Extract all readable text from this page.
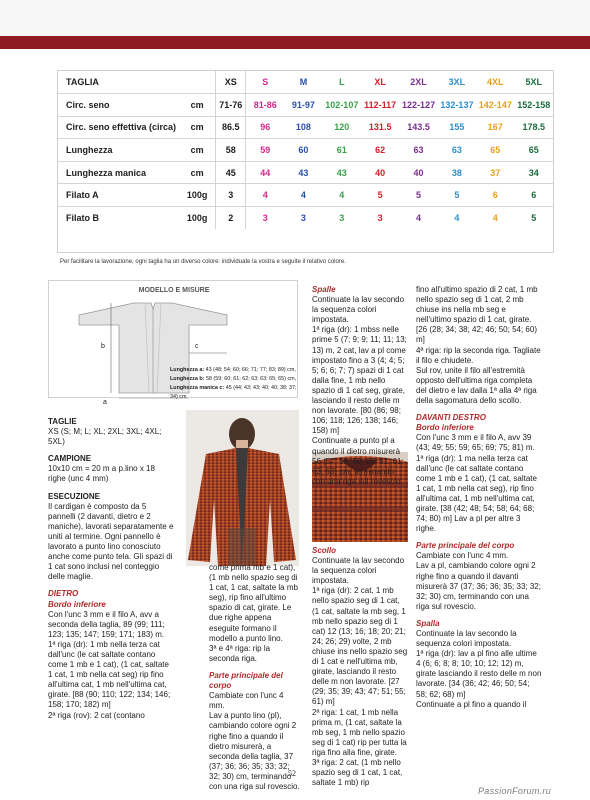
TAGLIA		XS	S	M	L	XL	2XL	3XL	4XL	5XL
Circ. seno	cm	71-76	81-86	91-97	102-107	112-117	122-127	132-137	142-147	152-158
Circ. seno effettiva (circa)	cm	86.5	96	108	120	131.5	143.5	155	167	178.5
Lunghezza	cm	58	59	60	61	62	63	63	65	65
Lunghezza manica	cm	45	44	43	43	40	40	38	37	34
Filato A	100g	3	4	4	4	5	5	5	6	6
Filato B	100g	2	3	3	3	3	4	4	4	5
Per facilitare la lavorazione, ogni taglia ha un diverso colore: individuate la vostra e seguite il relativo colore.
MODELLO E MISURE
b	c
a
Lunghezza a: 43 (48; 54; 60; 66; 71; 77; 83; 89) cm,
Lunghezza b: 58 (59; 60; 61; 62; 63; 63; 65; 65) cm,
Lunghezza manica c: 45 (44; 43; 43; 40; 40; 38; 37; 34) cm

TAGLIE

XS (S; M; L; XL; 2XL; 3XL; 4XL; 5XL)

CAMPIONE

10x10 cm = 20 m a p.lino x 18 righe (unc 4 mm)

ESECUZIONE

Il cardigan è composto da 5 pannelli (2 davanti, dietro e 2 maniche), lavorati separatamente e uniti al termine. Ogni pannello è lavorato a punto lino conosciuto anche come punto tela. Gli spazi di 1 cat sono inclusi nel conteggio delle maglie.

DIETRO

Bordo inferiore

Con l'unc 3 mm e il filo A, avv a seconda della taglia, 89 (99; 111; 123; 135; 147; 159; 171; 183) m.

1ª riga (dr): 1 mb nella terza cat dall'unc (le cat saltate contano come 1 mb e 1 cat), (1 cat, saltate 1 cat, 1 mb nella cat seg) rip fino all'ultima cat, 1 mb nell'ultima cat, girate. [88 (90; 110; 122; 134; 146; 158; 170; 182) m]

2ª riga (rov): 2 cat (contano

come prima mb e 1 cat),(1 mb nello spazio seg di 1 cat, 1 cat, saltate la mb seg), rip fino all'ultimo spazio di cat, girate. Le due righe appena eseguite formano il modello a punto lino.

3ª e 4ª riga: rip la seconda riga.

Parte principale del corpo

Cambiate con l'unc 4 mm.

Lav a punto lino (pl), cambiando colore ogni 2 righe fino a quando il dietro misurerà, a seconda della taglia, 37 (37; 36; 36; 35; 33; 32; 32; 30) cm, terminando con una riga sul rovescio.

Spalle

Continuate la lav secondo la sequenza colori impostata.

1ª riga (dr): 1 mbss nelle prime 5 (7; 9; 9; 11; 11; 13; 13) m, 2 cat, lav a pl come impostato fino a 3 (4; 4; 5; 5; 6; 6; 7; 7) spazi di 1 cat dalla fine, 1 mb nello spazio di 1 cat seg, girate, lasciando il resto delle m non lavorate. [80 (86; 98; 106; 118; 126; 138; 146; 158) m]

Continuate a punto pl a quando il dietro misurerà 56 (57; 58; 59; 60; 61; 61; 63; 63) cm, terminando con una riga sul rovescio.

Scollo

Continuate la lav secondo la sequenza colori impostata.

1ª riga (dr): 2 cat, 1 mb nello spazio seg di 1 cat, (1 cat, saltate la mb seg, 1 mb nello spazio seg di 1 cat) 12 (13; 16; 18; 20; 21; 24; 26; 29) volte, 2 mb chiuse ins nello spazio seg di 1 cat e nell'ultima mb, girate, lasciando il resto delle m non lavorate. [27 (29; 35; 39; 43; 47; 51; 55; 61) m]

2ª riga: 1 cat, 1 mb nella prima m, (1 cat, saltate la mb seg, 1 mb nello spazio seg di 1 cat) rip per tutta la riga fino alla fine, girate.

3ª riga: 2 cat, (1 mb nello spazio seg di 1 cat, 1 cat, saltate 1 mb) rip

fino all'ultimo spazio di 2 cat, 1 mb nello spazio seg di 1 cat, 2 mb chiuse ins nella mb seg e nell'ultimo spazio di 1 cat, girate. [26 (28; 34; 38; 42; 46; 50; 54; 60) m]

4ª riga: rip la seconda riga. Tagliate il filo e chiudete.

Sul rov, unite il filo all'estremità opposto dell'ultima riga completa del dietro e lav dalla 1ª alla 4ª riga della sagomatura dello scollo.

DAVANTI DESTRO

Bordo inferiore

Con l'unc 3 mm e il filo A, avv 39 (43; 49; 55; 59; 65; 69; 75; 81) m.

1ª riga (dr): 1 ma nella terza cat dall'unc (le cat saltate contano come 1 mb e 1 cat), (1 cat, saltate 1 cat, 1 mb nella cat seg), rip fino all'ultima cat, 1 mb nell'ultima cat, girate. [38 (42; 48; 54; 58; 64; 68; 74; 80) m] Lav a pl per altre 3 righe.

Parte principale del corpo

Cambiate con l'unc 4 mm.

Lav a pl, cambiando colore ogni 2 righe fino a quando il davanti misurerà 37 (37; 36; 36; 35; 33; 32; 32; 30) cm, terminando con una riga sul rovescio.

Spalla

Continuate la lav secondo la sequenza colori impostata.

1ª riga (dr): lav a pl fino alle ultime 4 (6; 6; 8; 8; 10; 10; 12; 12) m, girate lasciando il resto delle m non lavorate. [34 (36; 42; 46; 50; 54; 58; 62; 68) m]

Continuate a pl fino a quando il

52
PassionForum.ru
